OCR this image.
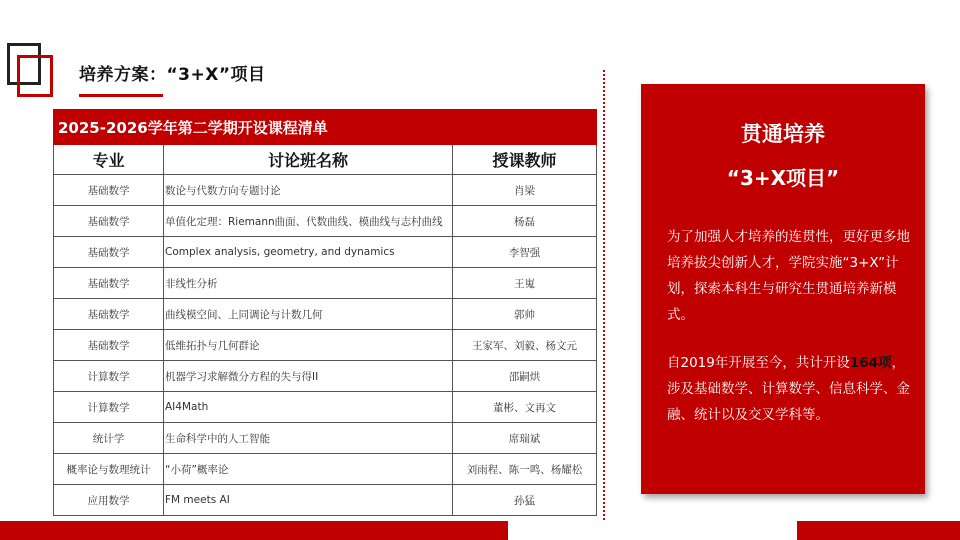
培养方案：“3+X”项目
2025-2026学年第二学期开设课程清单		
专业	讨论班名称	授课教师
基础数学	数论与代数方向专题讨论	肖梁
基础数学	单值化定理：Riemann曲面、代数曲线、模曲线与志村曲线	杨磊
基础数学	Complex analysis, geometry, and dynamics	李智强
基础数学	非线性分析	王嵬
基础数学	曲线模空间、上同调论与计数几何	郭帅
基础数学	低维拓扑与几何群论	王家军、刘毅、杨文元
计算数学	机器学习求解微分方程的失与得II	邵嗣烘
计算数学	AI4Math	董彬、文再文
统计学	生命科学中的人工智能	席瑞斌
概率论与数理统计	“小荷”概率论	刘雨程、陈一鸣、杨耀松
应用数学	FM meets AI	孙猛
贯通培养
“3+X项目”

为了加强人才培养的连贯性，更好更多地培养拔尖创新人才，学院实施“3+X”计划，探索本科生与研究生贯通培养新模式。

自2019年开展至今，共计开设164项，涉及基础数学、计算数学、信息科学、金融、统计以及交叉学科等。
